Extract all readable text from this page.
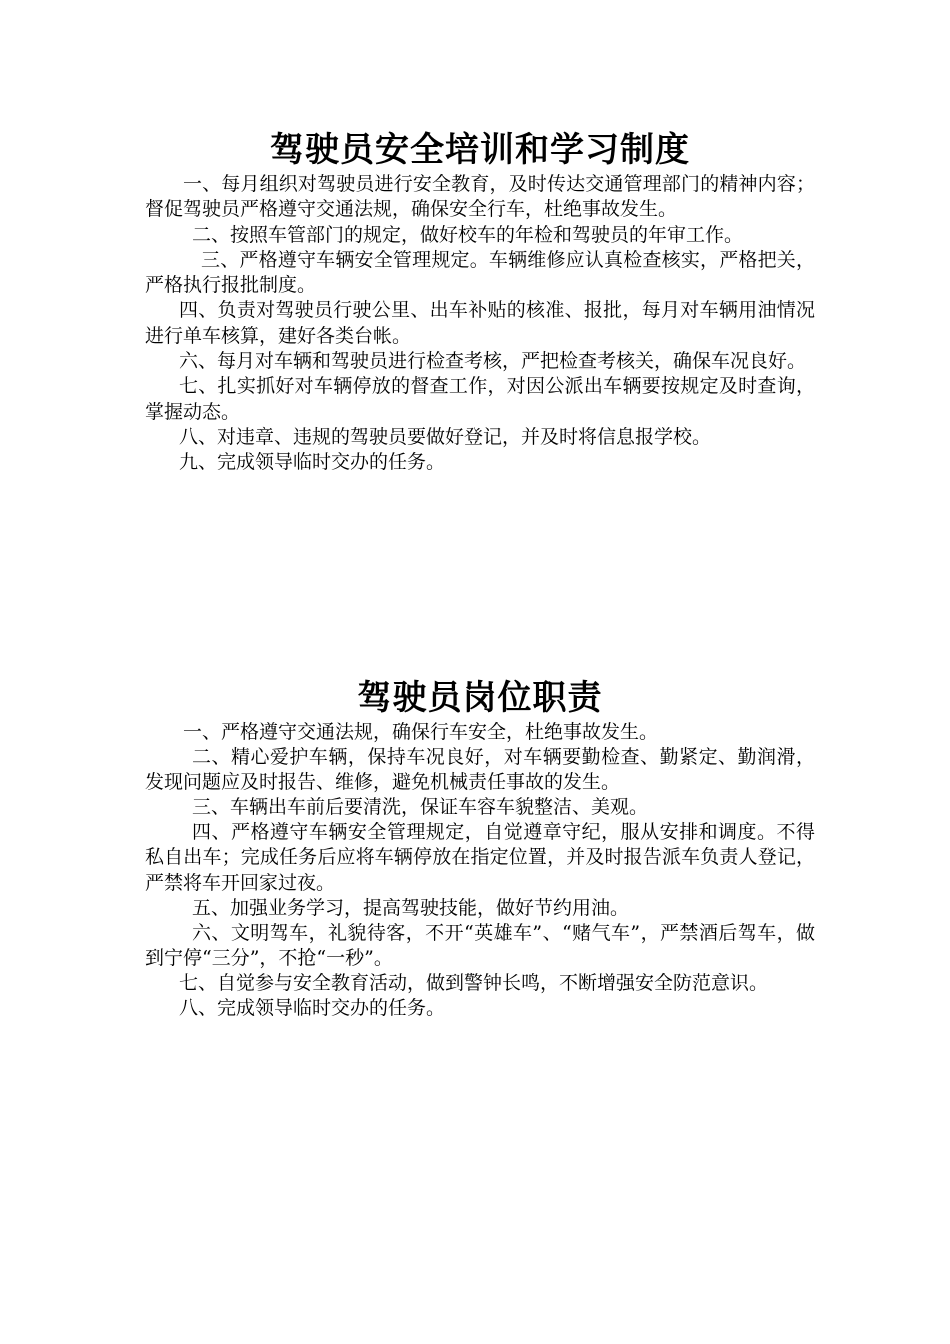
驾驶员安全培训和学习制度

一、每月组织对驾驶员进行安全教育，及时传达交通管理部门的精神内容；督促驾驶员严格遵守交通法规，确保安全行车，杜绝事故发生。

二、按照车管部门的规定，做好校车的年检和驾驶员的年审工作。

三、严格遵守车辆安全管理规定。车辆维修应认真检查核实，严格把关，严格执行报批制度。

四、负责对驾驶员行驶公里、出车补贴的核准、报批，每月对车辆用油情况进行单车核算，建好各类台帐。

六、每月对车辆和驾驶员进行检查考核，严把检查考核关，确保车况良好。

七、扎实抓好对车辆停放的督查工作，对因公派出车辆要按规定及时查询，掌握动态。

八、对违章、违规的驾驶员要做好登记，并及时将信息报学校。

九、完成领导临时交办的任务。

驾驶员岗位职责

一、严格遵守交通法规，确保行车安全，杜绝事故发生。

二、精心爱护车辆，保持车况良好，对车辆要勤检查、勤紧定、勤润滑，发现问题应及时报告、维修，避免机械责任事故的发生。

三、车辆出车前后要清洗，保证车容车貌整洁、美观。

四、严格遵守车辆安全管理规定，自觉遵章守纪，服从安排和调度。不得私自出车；完成任务后应将车辆停放在指定位置，并及时报告派车负责人登记，严禁将车开回家过夜。

五、加强业务学习，提高驾驶技能，做好节约用油。

六、文明驾车，礼貌待客，不开“英雄车”、“赌气车”，严禁酒后驾车，做到宁停“三分”，不抢“一秒”。

七、自觉参与安全教育活动，做到警钟长鸣，不断增强安全防范意识。

八、完成领导临时交办的任务。
